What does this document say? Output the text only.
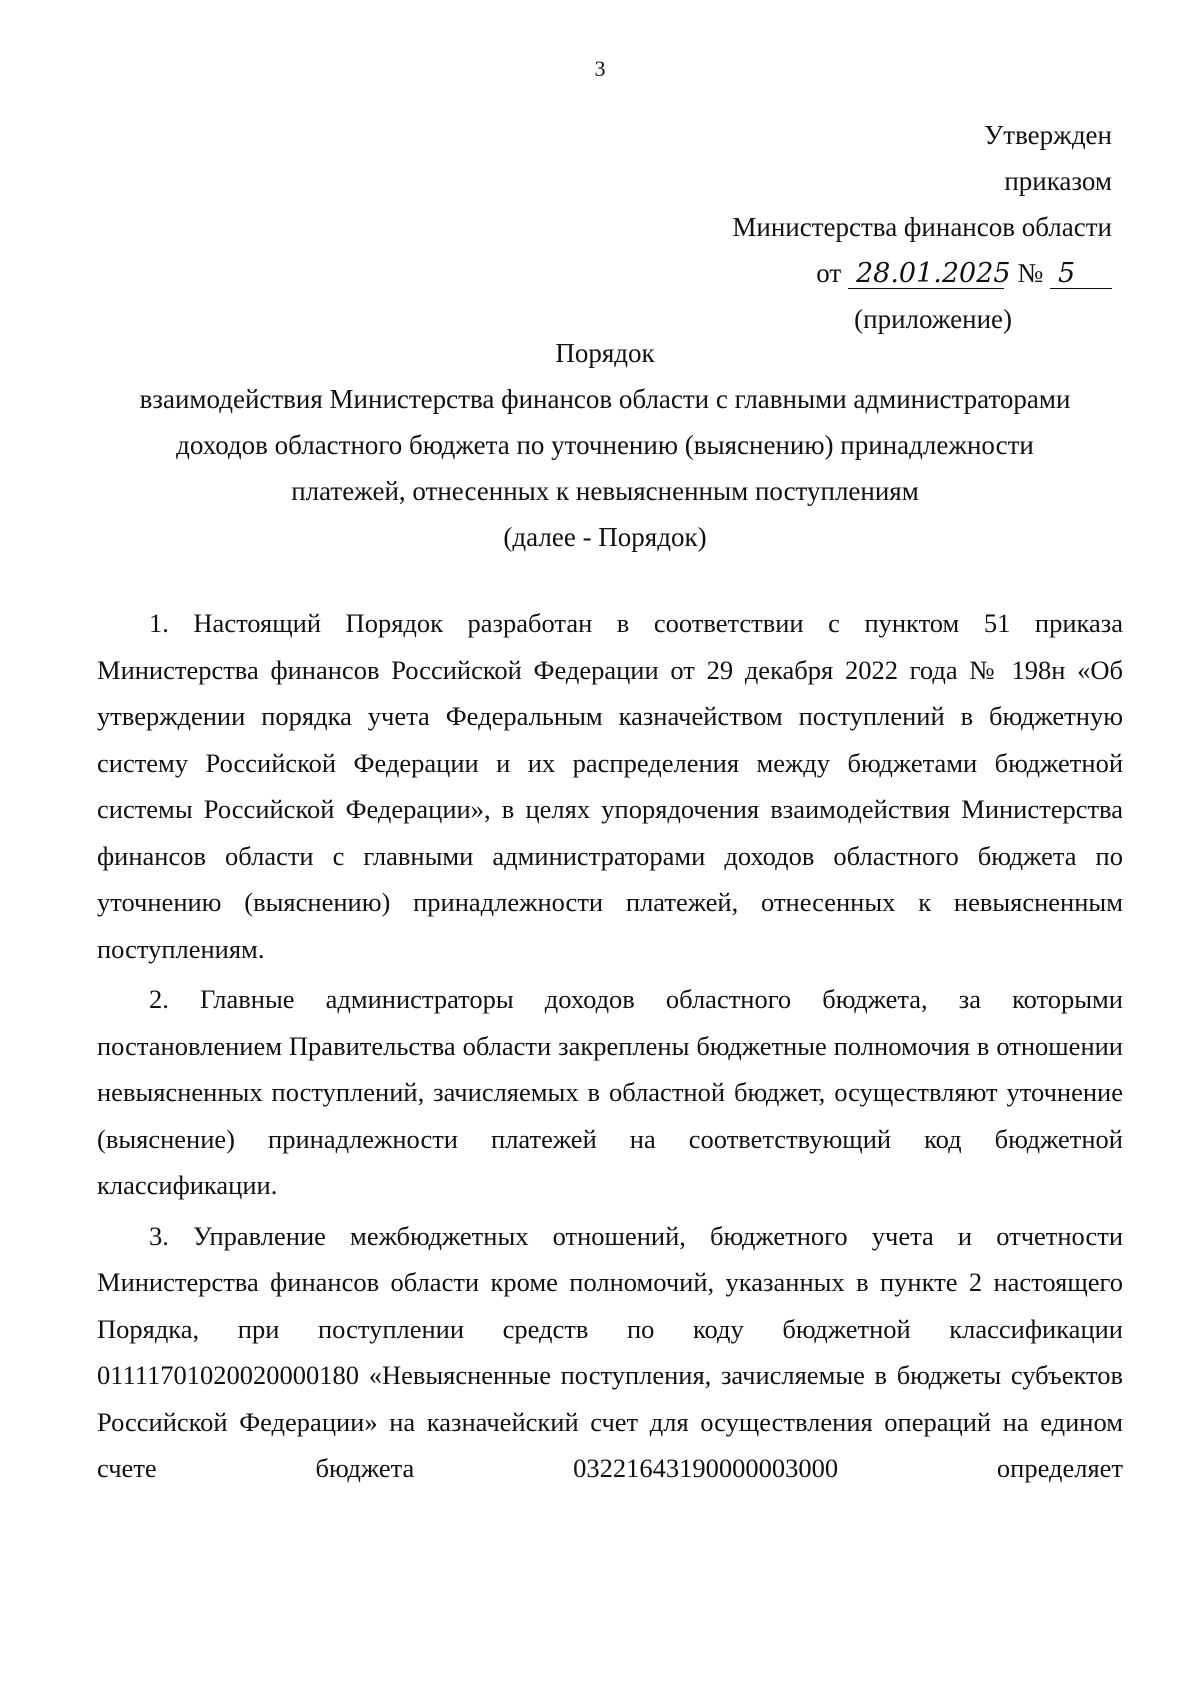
3
Утвержден
приказом
Министерства финансов области
от 28.01.2025 № 5
(приложение)
Порядок
взаимодействия Министерства финансов области с главными администраторами
доходов областного бюджета по уточнению (выяснению) принадлежности
платежей, отнесенных к невыясненным поступлениям
(далее - Порядок)

1. Настоящий Порядок разработан в соответствии с пунктом 51 приказа Министерства финансов Российской Федерации от 29 декабря 2022 года № 198н «Об утверждении порядка учета Федеральным казначейством поступлений в бюджетную систему Российской Федерации и их распределения между бюджетами бюджетной системы Российской Федерации», в целях упорядочения взаимодействия Министерства финансов области с главными администраторами доходов областного бюджета по уточнению (выяснению) принадлежности платежей, отнесенных к невыясненным поступлениям.

2. Главные администраторы доходов областного бюджета, за которыми постановлением Правительства области закреплены бюджетные полномочия в отношении невыясненных поступлений, зачисляемых в областной бюджет, осуществляют уточнение (выяснение) принадлежности платежей на соответствующий код бюджетной классификации.

3. Управление межбюджетных отношений, бюджетного учета и отчетности Министерства финансов области кроме полномочий, указанных в пункте 2 настоящего Порядка, при поступлении средств по коду бюджетной классификации 01111701020020000180 «Невыясненные поступления, зачисляемые в бюджеты субъектов Российской Федерации» на казначейский счет для осуществления операций на едином счете бюджета 03221643190000003000 определяет
